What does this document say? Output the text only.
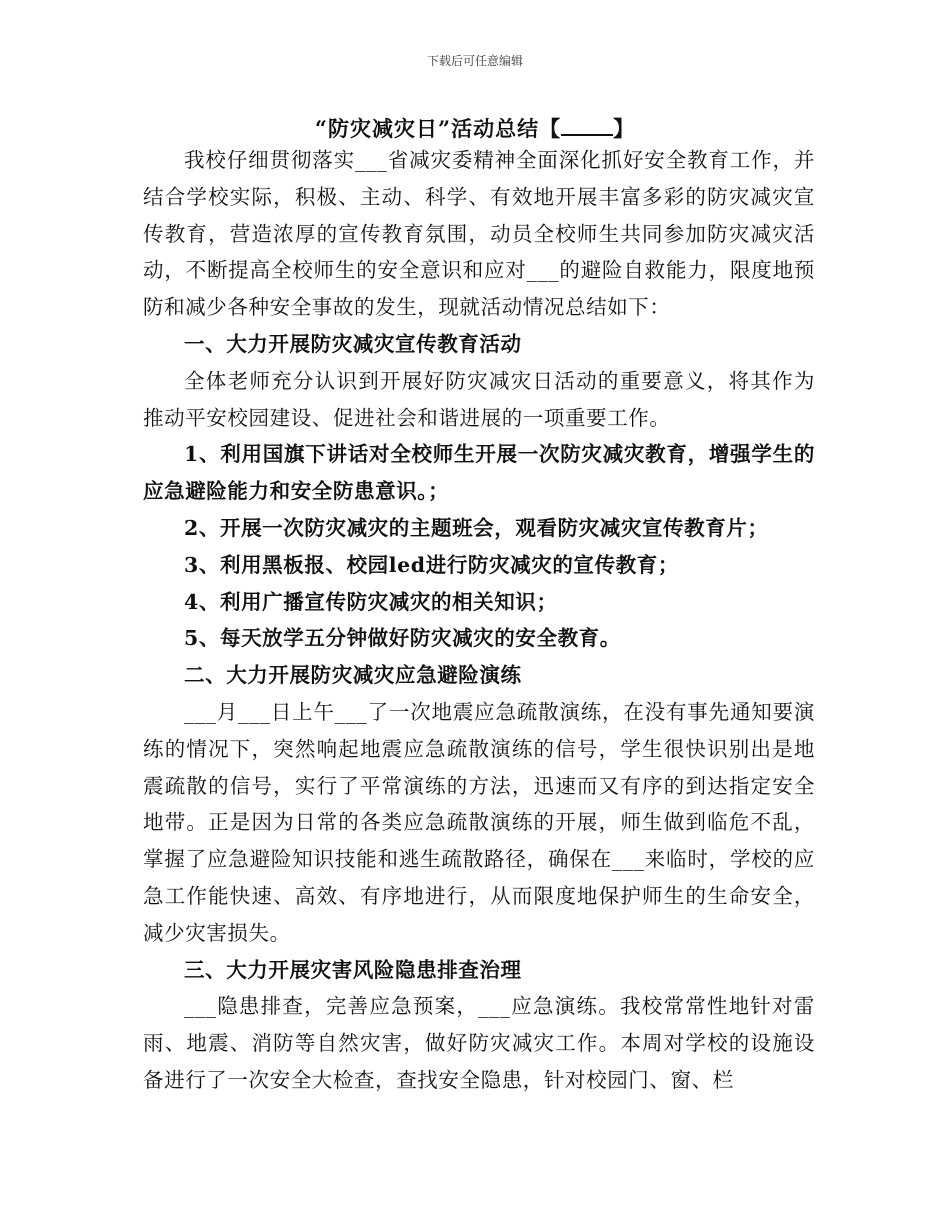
下载后可任意编辑
“防灾减灾日”活动总结【 】

我校仔细贯彻落实___省减灾委精神全面深化抓好安全教育工作，并结合学校实际，积极、主动、科学、有效地开展丰富多彩的防灾减灾宣传教育，营造浓厚的宣传教育氛围，动员全校师生共同参加防灾减灾活动，不断提高全校师生的安全意识和应对___的避险自救能力，限度地预防和减少各种安全事故的发生，现就活动情况总结如下：

一、大力开展防灾减灾宣传教育活动

全体老师充分认识到开展好防灾减灾日活动的重要意义，将其作为推动平安校园建设、促进社会和谐进展的一项重要工作。

1、利用国旗下讲话对全校师生开展一次防灾减灾教育，增强学生的应急避险能力和安全防患意识。；

2、开展一次防灾减灾的主题班会，观看防灾减灾宣传教育片；

3、利用黑板报、校园led进行防灾减灾的宣传教育；

4、利用广播宣传防灾减灾的相关知识；

5、每天放学五分钟做好防灾减灾的安全教育。

二、大力开展防灾减灾应急避险演练

___月___日上午___了一次地震应急疏散演练，在没有事先通知要演练的情况下，突然响起地震应急疏散演练的信号，学生很快识别出是地震疏散的信号，实行了平常演练的方法，迅速而又有序的到达指定安全地带。正是因为日常的各类应急疏散演练的开展，师生做到临危不乱，掌握了应急避险知识技能和逃生疏散路径，确保在___来临时，学校的应急工作能快速、高效、有序地进行，从而限度地保护师生的生命安全，减少灾害损失。

三、大力开展灾害风险隐患排查治理

___隐患排查，完善应急预案，___应急演练。我校常常性地针对雷雨、地震、消防等自然灾害，做好防灾减灾工作。本周对学校的设施设备进行了一次安全大检查，查找安全隐患，针对校园门、窗、栏
